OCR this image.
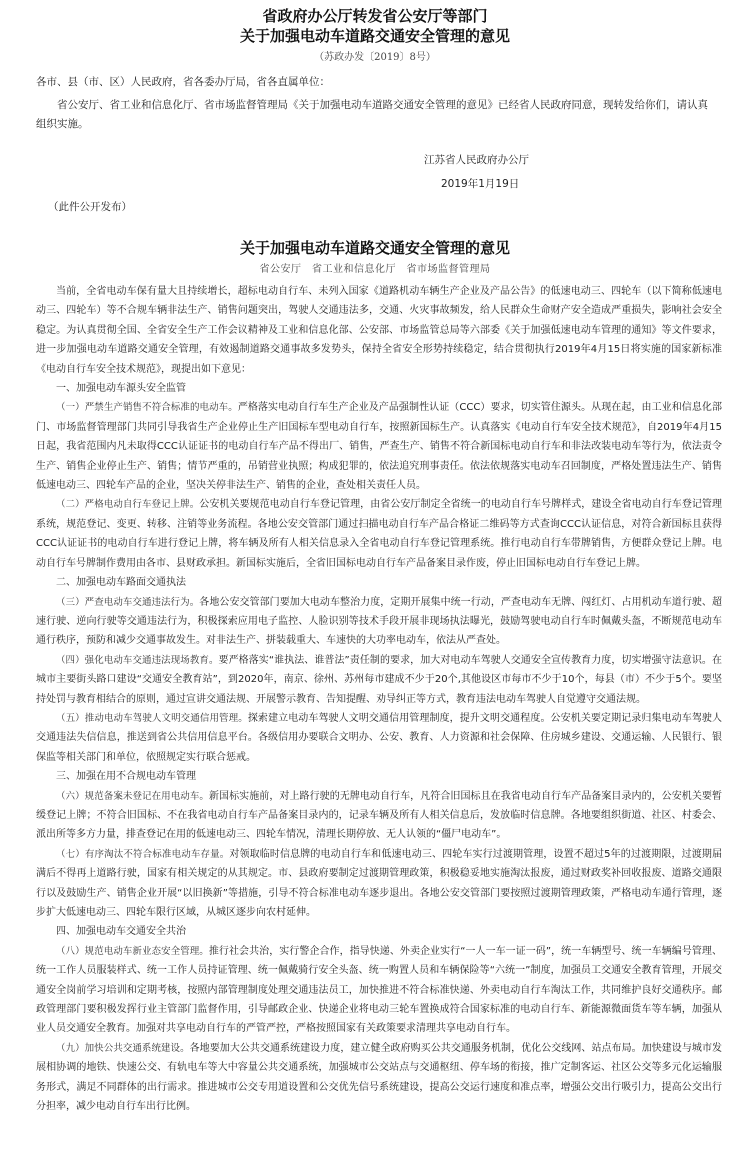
省政府办公厅转发省公安厅等部门
关于加强电动车道路交通安全管理的意见
（苏政办发〔2019〕8号）
各市、县（市、区）人民政府，省各委办厅局，省各直属单位：
省公安厅、省工业和信息化厅、省市场监督管理局《关于加强电动车道路交通安全管理的意见》已经省人民政府同意，现转发给你们，请认真组织实施。
江苏省人民政府办公厅
2019年1月19日
（此件公开发布）
关于加强电动车道路交通安全管理的意见
省公安厅　省工业和信息化厅　省市场监督管理局

当前，全省电动车保有量大且持续增长，超标电动自行车、未列入国家《道路机动车辆生产企业及产品公告》的低速电动三、四轮车（以下简称低速电动三、四轮车）等不合规车辆非法生产、销售问题突出，驾驶人交通违法多，交通、火灾事故频发，给人民群众生命财产安全造成严重损失，影响社会安全稳定。为认真贯彻全国、全省安全生产工作会议精神及工业和信息化部、公安部、市场监管总局等六部委《关于加强低速电动车管理的通知》等文件要求，进一步加强电动车道路交通安全管理，有效遏制道路交通事故多发势头，保持全省安全形势持续稳定，结合贯彻执行2019年4月15日将实施的国家新标准《电动自行车安全技术规范》，现提出如下意见：

一、加强电动车源头安全监管

（一）严禁生产销售不符合标准的电动车。严格落实电动自行车生产企业及产品强制性认证（CCC）要求，切实管住源头。从现在起，由工业和信息化部门、市场监督管理部门共同引导我省生产企业停止生产旧国标车型电动自行车，按照新国标生产。认真落实《电动自行车安全技术规范》，自2019年4月15日起，我省范围内凡未取得CCC认证证书的电动自行车产品不得出厂、销售，严查生产、销售不符合新国标电动自行车和非法改装电动车等行为，依法责令生产、销售企业停止生产、销售；情节严重的，吊销营业执照；构成犯罪的，依法追究刑事责任。依法依规落实电动车召回制度，严格处置违法生产、销售低速电动三、四轮车产品的企业，坚决关停非法生产、销售的企业，查处相关责任人员。

（二）严格电动自行车登记上牌。公安机关要规范电动自行车登记管理，由省公安厅制定全省统一的电动自行车号牌样式，建设全省电动自行车登记管理系统，规范登记、变更、转移、注销等业务流程。各地公安交管部门通过扫描电动自行车产品合格证二维码等方式查询CCC认证信息，对符合新国标且获得CCC认证证书的电动自行车进行登记上牌，将车辆及所有人相关信息录入全省电动自行车登记管理系统。推行电动自行车带牌销售，方便群众登记上牌。电动自行车号牌制作费用由各市、县财政承担。新国标实施后，全省旧国标电动自行车产品备案目录作废，停止旧国标电动自行车登记上牌。

二、加强电动车路面交通执法

（三）严查电动车交通违法行为。各地公安交管部门要加大电动车整治力度，定期开展集中统一行动，严查电动车无牌、闯红灯、占用机动车道行驶、超速行驶、逆向行驶等交通违法行为，积极探索应用电子监控、人脸识别等技术手段开展非现场执法曝光，鼓励驾驶电动自行车时佩戴头盔，不断规范电动车通行秩序，预防和减少交通事故发生。对非法生产、拼装载重大、车速快的大功率电动车，依法从严查处。

（四）强化电动车交通违法现场教育。要严格落实“谁执法、谁普法”责任制的要求，加大对电动车驾驶人交通安全宣传教育力度，切实增强守法意识。在城市主要街头路口建设“交通安全教育站”，到2020年，南京、徐州、苏州每市建成不少于20个,其他设区市每市不少于10个，每县（市）不少于5个。要坚持处罚与教育相结合的原则，通过宣讲交通法规、开展警示教育、告知提醒、劝导纠正等方式，教育违法电动车驾驶人自觉遵守交通法规。

（五）推动电动车驾驶人文明交通信用管理。探索建立电动车驾驶人文明交通信用管理制度，提升文明交通程度。公安机关要定期记录归集电动车驾驶人交通违法失信信息，推送到省公共信用信息平台。各级信用办要联合文明办、公安、教育、人力资源和社会保障、住房城乡建设、交通运输、人民银行、银保监等相关部门和单位，依照规定实行联合惩戒。

三、加强在用不合规电动车管理

（六）规范备案未登记在用电动车。新国标实施前，对上路行驶的无牌电动自行车，凡符合旧国标且在我省电动自行车产品备案目录内的，公安机关要暂缓登记上牌；不符合旧国标、不在我省电动自行车产品备案目录内的，记录车辆及所有人相关信息后，发放临时信息牌。各地要组织街道、社区、村委会、派出所等多方力量，排查登记在用的低速电动三、四轮车情况，清理长期停放、无人认领的“僵尸电动车”。

（七）有序淘汰不符合标准电动车存量。对领取临时信息牌的电动自行车和低速电动三、四轮车实行过渡期管理，设置不超过5年的过渡期限，过渡期届满后不得再上道路行驶，国家有相关规定的从其规定。市、县政府要制定过渡期管理政策，积极稳妥地实施淘汰报废，通过财政奖补回收报废、道路交通限行以及鼓励生产、销售企业开展“以旧换新”等措施，引导不符合标准电动车逐步退出。各地公安交管部门要按照过渡期管理政策，严格电动车通行管理，逐步扩大低速电动三、四轮车限行区域，从城区逐步向农村延伸。

四、加强电动车交通安全共治

（八）规范电动车新业态安全管理。推行社会共治，实行警企合作，指导快递、外卖企业实行“一人一车一证一码”，统一车辆型号、统一车辆编号管理、统一工作人员服装样式、统一工作人员持证管理、统一佩戴骑行安全头盔、统一购置人员和车辆保险等“六统一”制度，加强员工交通安全教育管理，开展交通安全岗前学习培训和定期考核，按照内部管理制度处理交通违法员工，加快推进不符合标准快递、外卖电动自行车淘汰工作，共同维护良好交通秩序。邮政管理部门要积极发挥行业主管部门监督作用，引导邮政企业、快递企业将电动三轮车置换成符合国家标准的电动自行车、新能源微面货车等车辆，加强从业人员交通安全教育。加强对共享电动自行车的严管严控，严格按照国家有关政策要求清理共享电动自行车。

（九）加快公共交通系统建设。各地要加大公共交通系统建设力度，建立健全政府购买公共交通服务机制，优化公交线网、站点布局。加快建设与城市发展相协调的地铁、快速公交、有轨电车等大中容量公共交通系统，加强城市公交站点与交通枢纽、停车场的衔接，推广定制客运、社区公交等多元化运输服务形式，满足不同群体的出行需求。推进城市公交专用道设置和公交优先信号系统建设，提高公交运行速度和准点率，增强公交出行吸引力，提高公交出行分担率，减少电动自行车出行比例。
